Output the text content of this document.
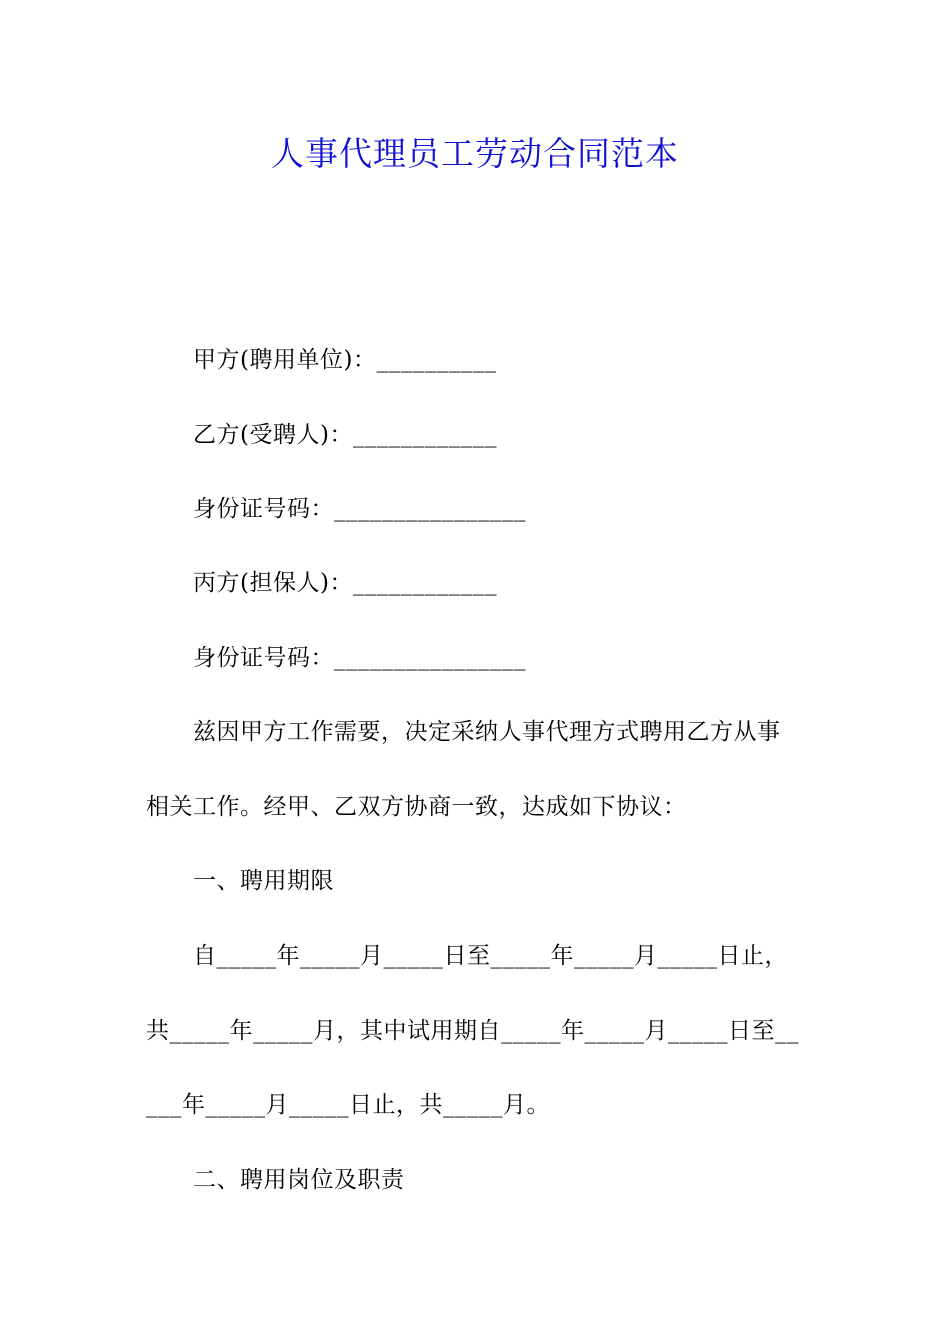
人事代理员工劳动合同范本
甲方(聘用单位)：__________
乙方(受聘人)：____________
身份证号码：________________
丙方(担保人)：____________
身份证号码：________________
兹因甲方工作需要，决定采纳人事代理方式聘用乙方从事
相关工作。经甲、乙双方协商一致，达成如下协议：
一、聘用期限
自_____年_____月_____日至_____年_____月_____日止，
共_____年_____月，其中试用期自_____年_____月_____日至__
___年_____月_____日止，共_____月。
二、聘用岗位及职责
